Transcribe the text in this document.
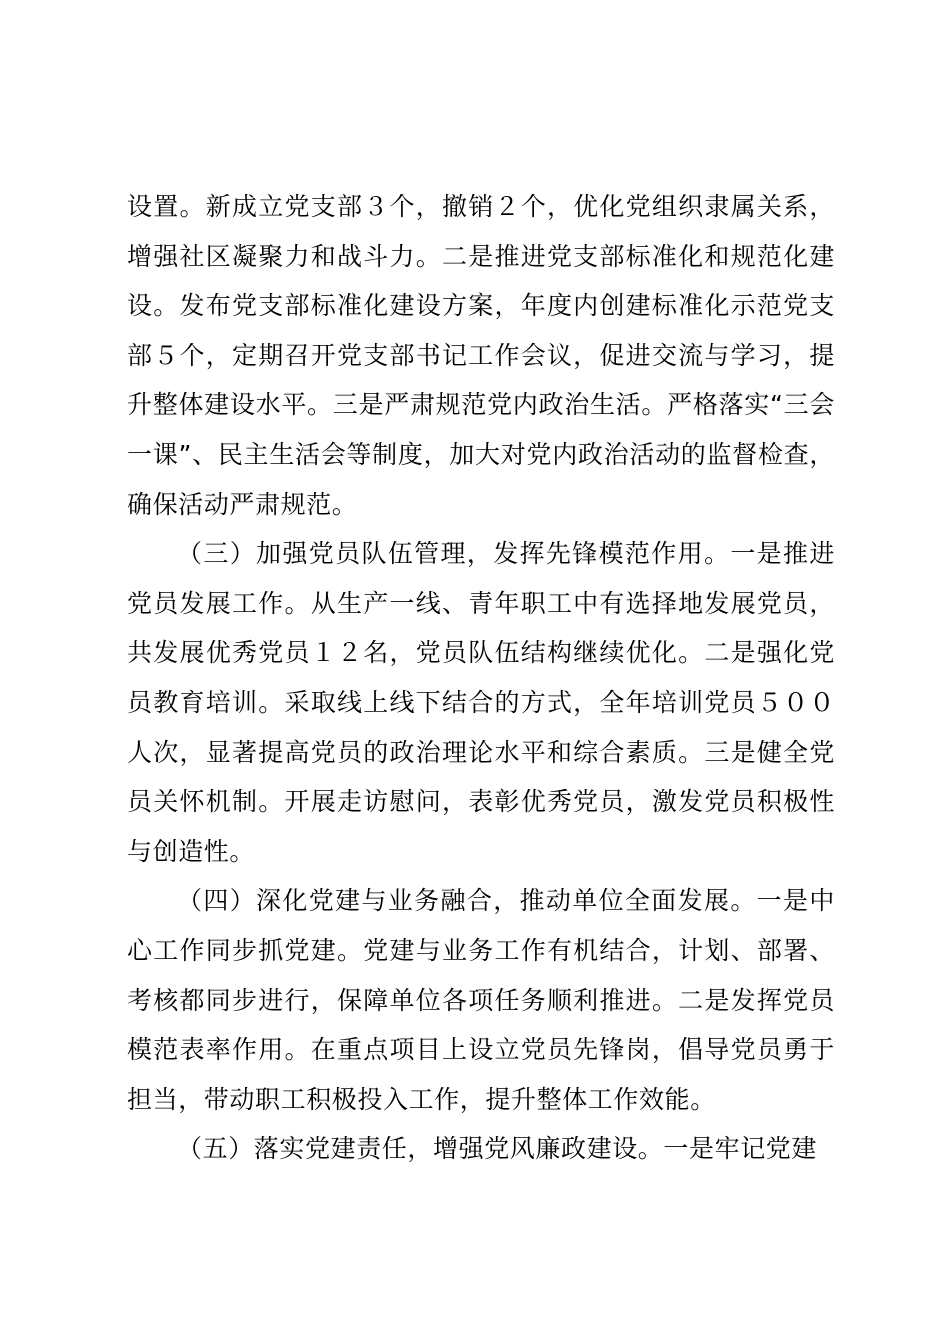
设置。新成立党支部３个，撤销２个，优化党组织隶属关系，增强社区凝聚力和战斗力。二是推进党支部标准化和规范化建设。发布党支部标准化建设方案，年度内创建标准化示范党支部５个，定期召开党支部书记工作会议，促进交流与学习，提升整体建设水平。三是严肃规范党内政治生活。严格落实“三会一课”、民主生活会等制度，加大对党内政治活动的监督检查，确保活动严肃规范。

（三）加强党员队伍管理，发挥先锋模范作用。一是推进党员发展工作。从生产一线、青年职工中有选择地发展党员，共发展优秀党员１２名，党员队伍结构继续优化。二是强化党员教育培训。采取线上线下结合的方式，全年培训党员５００人次，显著提高党员的政治理论水平和综合素质。三是健全党员关怀机制。开展走访慰问，表彰优秀党员，激发党员积极性与创造性。

（四）深化党建与业务融合，推动单位全面发展。一是中心工作同步抓党建。党建与业务工作有机结合，计划、部署、考核都同步进行，保障单位各项任务顺利推进。二是发挥党员模范表率作用。在重点项目上设立党员先锋岗，倡导党员勇于担当，带动职工积极投入工作，提升整体工作效能。

（五）落实党建责任，增强党风廉政建设。一是牢记党建
